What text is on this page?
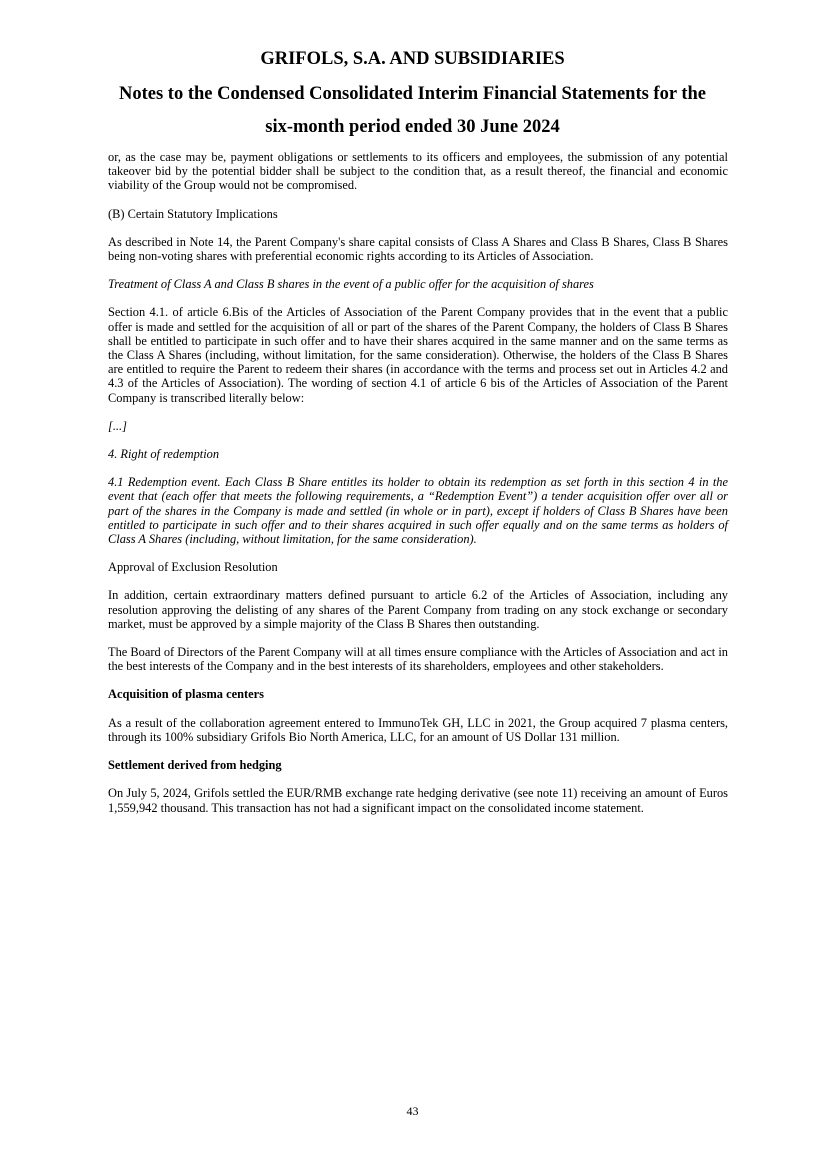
GRIFOLS, S.A. AND SUBSIDIARIES
Notes to the Condensed Consolidated Interim Financial Statements for the
six-month period ended 30 June 2024

or, as the case may be, payment obligations or settlements to its officers and employees, the submission of any potential takeover bid by the potential bidder shall be subject to the condition that, as a result thereof, the financial and economic viability of the Group would not be compromised.

(B) Certain Statutory Implications

As described in Note 14, the Parent Company's share capital consists of Class A Shares and Class B Shares, Class B Shares being non-voting shares with preferential economic rights according to its Articles of Association.

Treatment of Class A and Class B shares in the event of a public offer for the acquisition of shares

Section 4.1. of article 6.Bis of the Articles of Association of the Parent Company provides that in the event that a public offer is made and settled for the acquisition of all or part of the shares of the Parent Company, the holders of Class B Shares shall be entitled to participate in such offer and to have their shares acquired in the same manner and on the same terms as the Class A Shares (including, without limitation, for the same consideration). Otherwise, the holders of the Class B Shares are entitled to require the Parent to redeem their shares (in accordance with the terms and process set out in Articles 4.2 and 4.3 of the Articles of Association). The wording of section 4.1 of article 6 bis of the Articles of Association of the Parent Company is transcribed literally below:

[...]

4. Right of redemption

4.1 Redemption event. Each Class B Share entitles its holder to obtain its redemption as set forth in this section 4 in the event that (each offer that meets the following requirements, a “Redemption Event”) a tender acquisition offer over all or part of the shares in the Company is made and settled (in whole or in part), except if holders of Class B Shares have been entitled to participate in such offer and to their shares acquired in such offer equally and on the same terms as holders of Class A Shares (including, without limitation, for the same consideration).

Approval of Exclusion Resolution

In addition, certain extraordinary matters defined pursuant to article 6.2 of the Articles of Association, including any resolution approving the delisting of any shares of the Parent Company from trading on any stock exchange or secondary market, must be approved by a simple majority of the Class B Shares then outstanding.

The Board of Directors of the Parent Company will at all times ensure compliance with the Articles of Association and act in the best interests of the Company and in the best interests of its shareholders, employees and other stakeholders.

Acquisition of plasma centers

As a result of the collaboration agreement entered to ImmunoTek GH, LLC in 2021, the Group acquired 7 plasma centers, through its 100% subsidiary Grifols Bio North America, LLC, for an amount of US Dollar 131 million.

Settlement derived from hedging

On July 5, 2024, Grifols settled the EUR/RMB exchange rate hedging derivative (see note 11) receiving an amount of Euros 1,559,942 thousand. This transaction has not had a significant impact on the consolidated income statement.

43
